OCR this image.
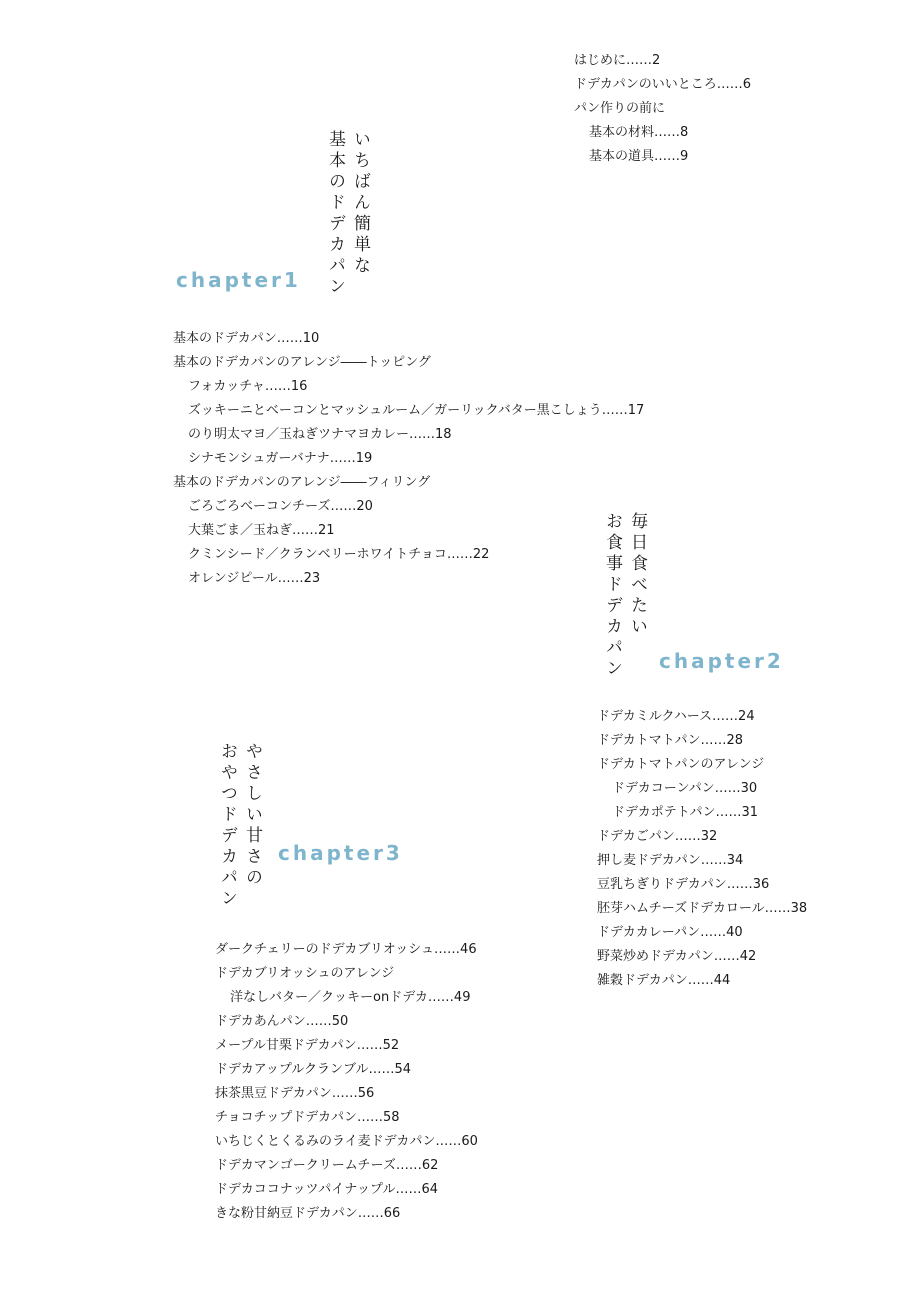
はじめに……2
ドデカパンのいいところ……6
パン作りの前に
基本の材料……8
基本の道具……9
いちばん簡単な
基本のドデカパン
chapter1
基本のドデカパン……10
基本のドデカパンのアレンジ――トッピング
フォカッチャ……16
ズッキーニとベーコンとマッシュルーム／ガーリックバター黒こしょう……17
のり明太マヨ／玉ねぎツナマヨカレー……18
シナモンシュガーバナナ……19
基本のドデカパンのアレンジ――フィリング
ごろごろベーコンチーズ……20
大葉ごま／玉ねぎ……21
クミンシード／クランベリーホワイトチョコ……22
オレンジピール……23	毎日食べたい
お食事ドデカパン chapter2
ドデカミルクハース……24
ドデカトマトパン……28
ドデカトマトパンのアレンジ
ドデカコーンパン……30
ドデカポテトパン……31
ドデカごパン……32
押し麦ドデカパン……34
豆乳ちぎりドデカパン……36
胚芽ハムチーズドデカロール……38
ドデカカレーパン……40
野菜炒めドデカパン……42
雑穀ドデカパン……44
やさしい甘さの
おやつドデカパン chapter3
ダークチェリーのドデカブリオッシュ……46
ドデカブリオッシュのアレンジ
洋なしバター／クッキーonドデカ……49
ドデカあんパン……50
メープル甘栗ドデカパン……52
ドデカアップルクランブル……54
抹茶黒豆ドデカパン……56
チョコチップドデカパン……58
いちじくとくるみのライ麦ドデカパン……60
ドデカマンゴークリームチーズ……62
ドデカココナッツパイナップル……64
きな粉甘納豆ドデカパン……66
